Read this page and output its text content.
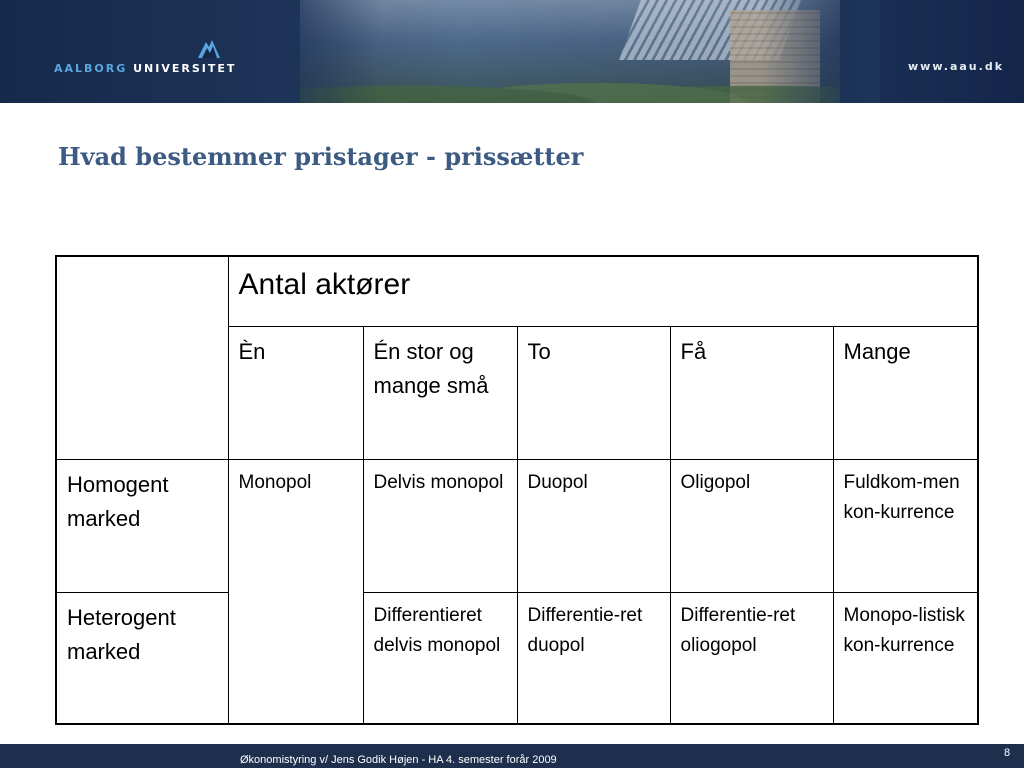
AALBORG UNIVERSITET	www.aau.dk
Hvad bestemmer pristager - prissætter
	Antal aktører				
	Èn	Én stor og mange små	To	Få	Mange
Homogent marked	Monopol	Delvis monopol	Duopol	Oligopol	Fuldkom-men kon-kurrence
Heterogent marked		Differentieret delvis monopol	Differentie-ret duopol	Differentie-ret oliogopol	Monopo-listisk kon-kurrence
Økonomistyring v/ Jens Godik Højen - HA 4. semester forår 2009
8
